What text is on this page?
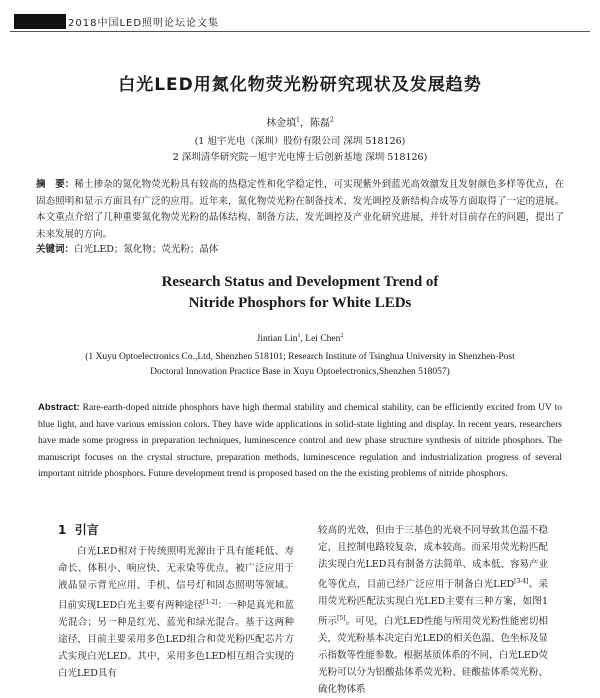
2018中国LED照明论坛论文集
白光LED用氮化物荧光粉研究现状及发展趋势
林金填$^1$，陈磊$^2$
(1 旭宇光电（深圳）股份有限公司 深圳 518126)
2 深圳清华研究院－旭宇光电博士后创新基地 深圳 518126)
摘　要：稀土掺杂的氮化物荧光粉具有较高的热稳定性和化学稳定性，可实现紫外到蓝光高效激发且发射颜色多样等优点，在固态照明和显示方面具有广泛的应用。近年来，氮化物荧光粉在制备技术、发光调控及新结构合成等方面取得了一定的进展。本文重点介绍了几种重要氮化物荧光粉的晶体结构、制备方法、发光调控及产业化研究进展，并针对目前存在的问题，提出了未来发展的方向。
关键词：白光LED；氮化物；荧光粉；晶体
Research Status and Development Trend of
Nitride Phosphors for White LEDs
Jintian Lin$^1$, Lei Chen$^2$
(1 Xuyu Optoelectronics Co.,Ltd, Shenzhen 518101; Research Institute of Tsinghua University in Shenzhen-Post
Doctoral Innovation Practice Base in Xuyu Optoelectronics,Shenzhen 518057)
Abstract: Rare-earth-doped nitride phosphors have high thermal stability and chemical stability, can be efficiently excited from UV to blue light, and have various emission colors. They have wide applications in solid-state lighting and display. In recent years, researchers have made some progress in preparation techniques, luminescence control and new phase structure synthesis of nitride phosphors. The manuscript focuses on the crystal structure, preparation methods, luminescence regulation and industrialization progress of several important nitride phosphors. Future development trend is proposed based on the the existing problems of nitride phosphors.
1 引言
白光LED相对于传统照明光源由于具有能耗低、寿命长、体积小、响应快、无汞染等优点，被广泛应用于液晶显示背光应用、手机、信号灯和固态照明等领域。目前实现LED白光主要有两种途径[1-2]：一种是真光和蓝光混合；另一种是红光、蓝光和绿光混合。基于这两种途径，目前主要采用多色LED组合和荧光粉匹配芯片方式实现白光LED。其中，采用多色LED相互组合实现的白光LED具有
较高的光效，但由于三基色的光衰不同导致其色温不稳定，且控制电路较复杂，成本较高。而采用荧光粉匹配法实现白光LED具有制备方法简单、成本低、容易产业化等优点，目前已经广泛应用于制备白光LED[3-4]。采用荧光粉匹配法实现白光LED主要有三种方案，如图1所示[5]。可见，白光LED性能与所用荧光粉性能密切相关，荧光粉基本决定白光LED的相关色温、色坐标及显示指数等性能参数。根据基质体系的不同，白光LED荧光粉可以分为铝酸盐体系荧光粉、硅酸盐体系荧光粉、硫化物体系
